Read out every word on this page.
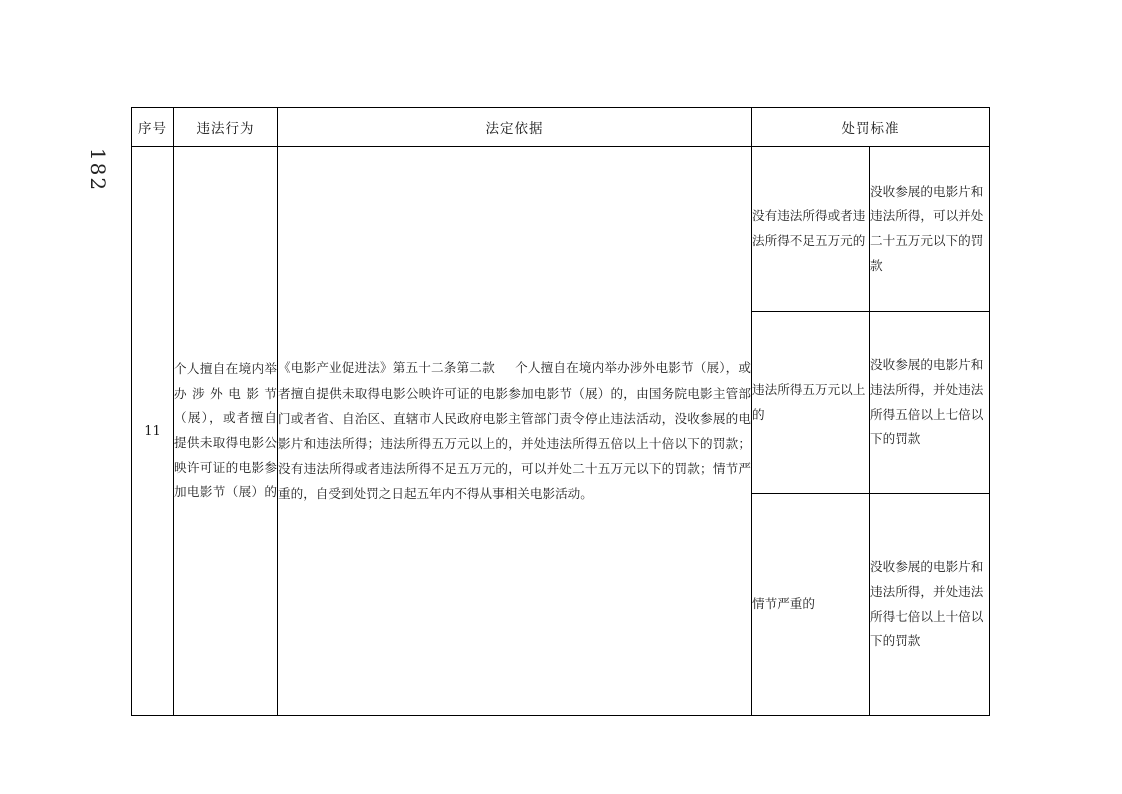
182
序号	违法行为	法定依据	处罚标准	
11	个人擅自在境内举办涉外电影节（展），或者擅自提供未取得电影公映许可证的电影参加电影节（展）的	《电影产业促进法》第五十二条第二款 个人擅自在境内举办涉外电影节（展），或者擅自提供未取得电影公映许可证的电影参加电影节（展）的，由国务院电影主管部门或者省、自治区、直辖市人民政府电影主管部门责令停止违法活动，没收参展的电影片和违法所得；违法所得五万元以上的，并处违法所得五倍以上十倍以下的罚款；没有违法所得或者违法所得不足五万元的，可以并处二十五万元以下的罚款；情节严重的，自受到处罚之日起五年内不得从事相关电影活动。	没有违法所得或者违法所得不足五万元的	没收参展的电影片和违法所得，可以并处二十五万元以下的罚款
			违法所得五万元以上的	没收参展的电影片和违法所得，并处违法所得五倍以上七倍以下的罚款
			情节严重的	没收参展的电影片和违法所得，并处违法所得七倍以上十倍以下的罚款
